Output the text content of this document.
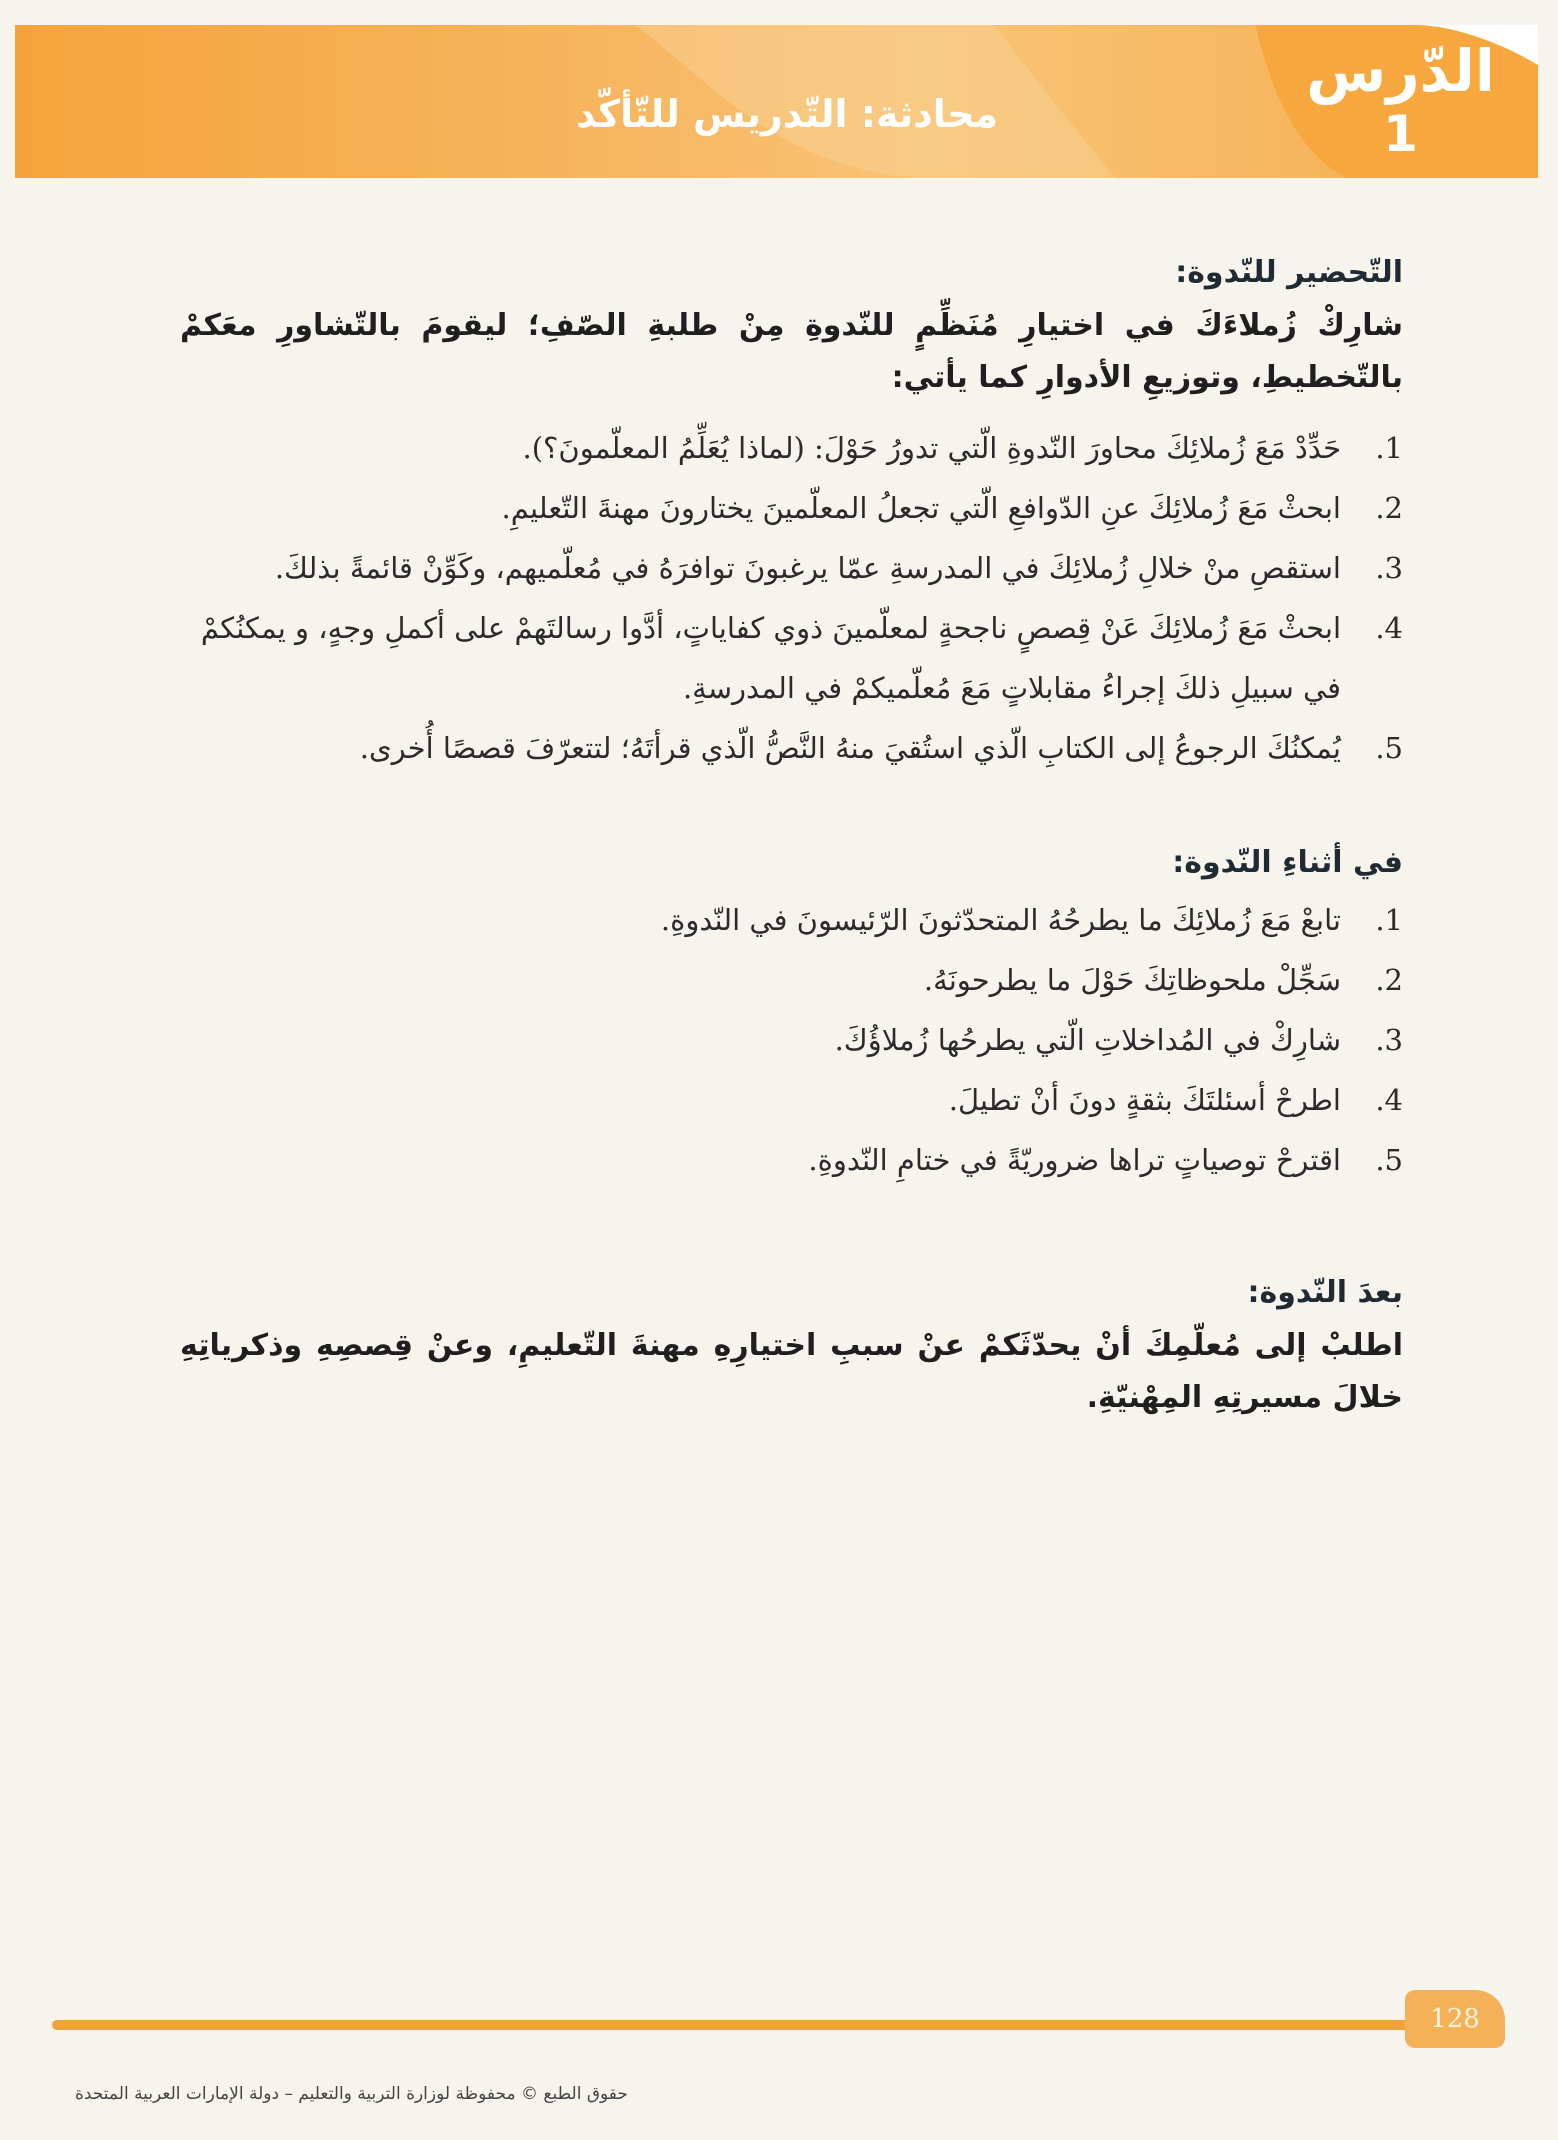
محادثة: التّدريس للتّأكّد
الدّرس
1
التّحضير للنّدوة:

شارِكْ زُملاءَكَ في اختيارِ مُنَظِّمٍ للنّدوةِ مِنْ طلبةِ الصّفِ؛ ليقومَ بالتّشاورِ معَكمْ بالتّخطيطِ، وتوزيعِ الأدوارِ كما يأتي:

1.
حَدِّدْ مَعَ زُملائِكَ محاورَ النّدوةِ الّتي تدورُ حَوْلَ: (لماذا يُعَلِّمُ المعلّمونَ؟).
2.
ابحثْ مَعَ زُملائِكَ عنِ الدّوافعِ الّتي تجعلُ المعلّمينَ يختارونَ مهنةَ التّعليمِ.
3.
استقصِ منْ خلالِ زُملائِكَ في المدرسةِ عمّا يرغبونَ توافرَهُ في مُعلّميهم، وكَوِّنْ قائمةً بذلكَ.
4.
ابحثْ مَعَ زُملائِكَ عَنْ قِصصٍ ناجحةٍ لمعلّمينَ ذوي كفاياتٍ، أدَّوا رسالتَهمْ على أكملِ وجهٍ، و يمكنُكمْ في سبيلِ ذلكَ إجراءُ مقابلاتٍ مَعَ مُعلّميكمْ في المدرسةِ.
5.
يُمكنُكَ الرجوعُ إلى الكتابِ الّذي استُقيَ منهُ النَّصُّ الّذي قرأتَهُ؛ لتتعرّفَ قصصًا أُخرى.
في أثناءِ النّدوة:
1.
تابعْ مَعَ زُملائِكَ ما يطرحُهُ المتحدّثونَ الرّئيسونَ في النّدوةِ.
2.
سَجِّلْ ملحوظاتِكَ حَوْلَ ما يطرحونَهُ.
3.
شارِكْ في المُداخلاتِ الّتي يطرحُها زُملاؤُكَ.
4.
اطرحْ أسئلتَكَ بثقةٍ دونَ أنْ تطيلَ.
5.
اقترحْ توصياتٍ تراها ضروريّةً في ختامِ النّدوةِ.
بعدَ النّدوة:

اطلبْ إلى مُعلّمِكَ أنْ يحدّثَكمْ عنْ سببِ اختيارِهِ مهنةَ التّعليمِ، وعنْ قِصصِهِ وذكرياتِهِ خلالَ مسيرتِهِ المِهْنيّةِ.

128
حقوق الطبع © محفوظة لوزارة التربية والتعليم – دولة الإمارات العربية المتحدة
